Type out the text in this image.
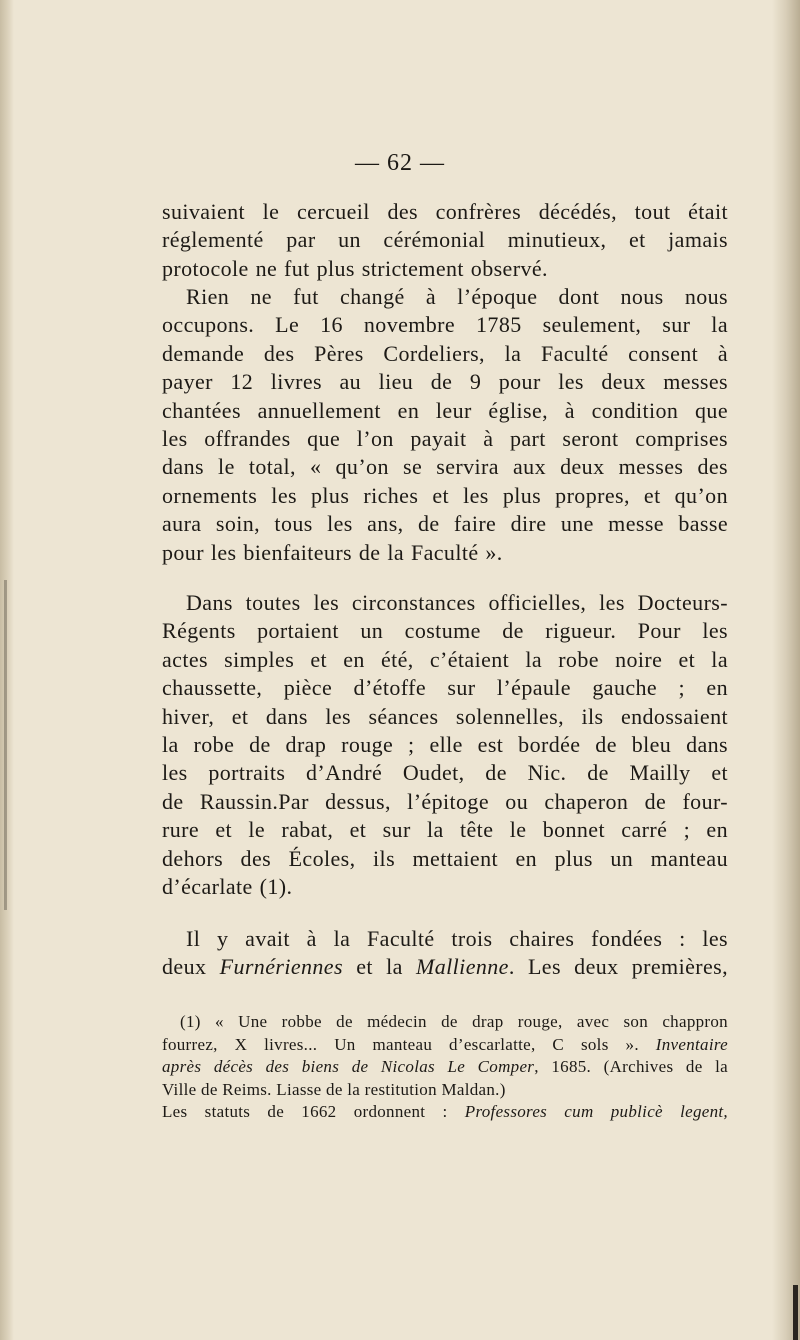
— 62 —
suivaient le cercueil des confrères décédés, tout était
réglementé par un cérémonial minutieux, et jamais
protocole ne fut plus strictement observé.
Rien ne fut changé à l’époque dont nous nous
occupons. Le 16 novembre 1785 seulement, sur la
demande des Pères Cordeliers, la Faculté consent à
payer 12 livres au lieu de 9 pour les deux messes
chantées annuellement en leur église, à condition que
les offrandes que l’on payait à part seront comprises
dans le total, « qu’on se servira aux deux messes des
ornements les plus riches et les plus propres, et qu’on
aura soin, tous les ans, de faire dire une messe basse
pour les bienfaiteurs de la Faculté ».
Dans toutes les circonstances officielles, les Docteurs-
Régents portaient un costume de rigueur. Pour les
actes simples et en été, c’étaient la robe noire et la
chaussette, pièce d’étoffe sur l’épaule gauche ; en
hiver, et dans les séances solennelles, ils endossaient
la robe de drap rouge ; elle est bordée de bleu dans
les portraits d’André Oudet, de Nic. de Mailly et
de Raussin.Par dessus, l’épitoge ou chaperon de four-
rure et le rabat, et sur la tête le bonnet carré ; en
dehors des Écoles, ils mettaient en plus un manteau
d’écarlate (1).
Il y avait à la Faculté trois chaires fondées : les
deux Furnériennes et la Mallienne. Les deux premières,
(1) « Une robbe de médecin de drap rouge, avec son chappron
fourrez, X livres... Un manteau d’escarlatte, C sols ». Inventaire
après décès des biens de Nicolas Le Comper, 1685. (Archives de la
Ville de Reims. Liasse de la restitution Maldan.)
Les statuts de 1662 ordonnent : Professores cum publicè legent,
